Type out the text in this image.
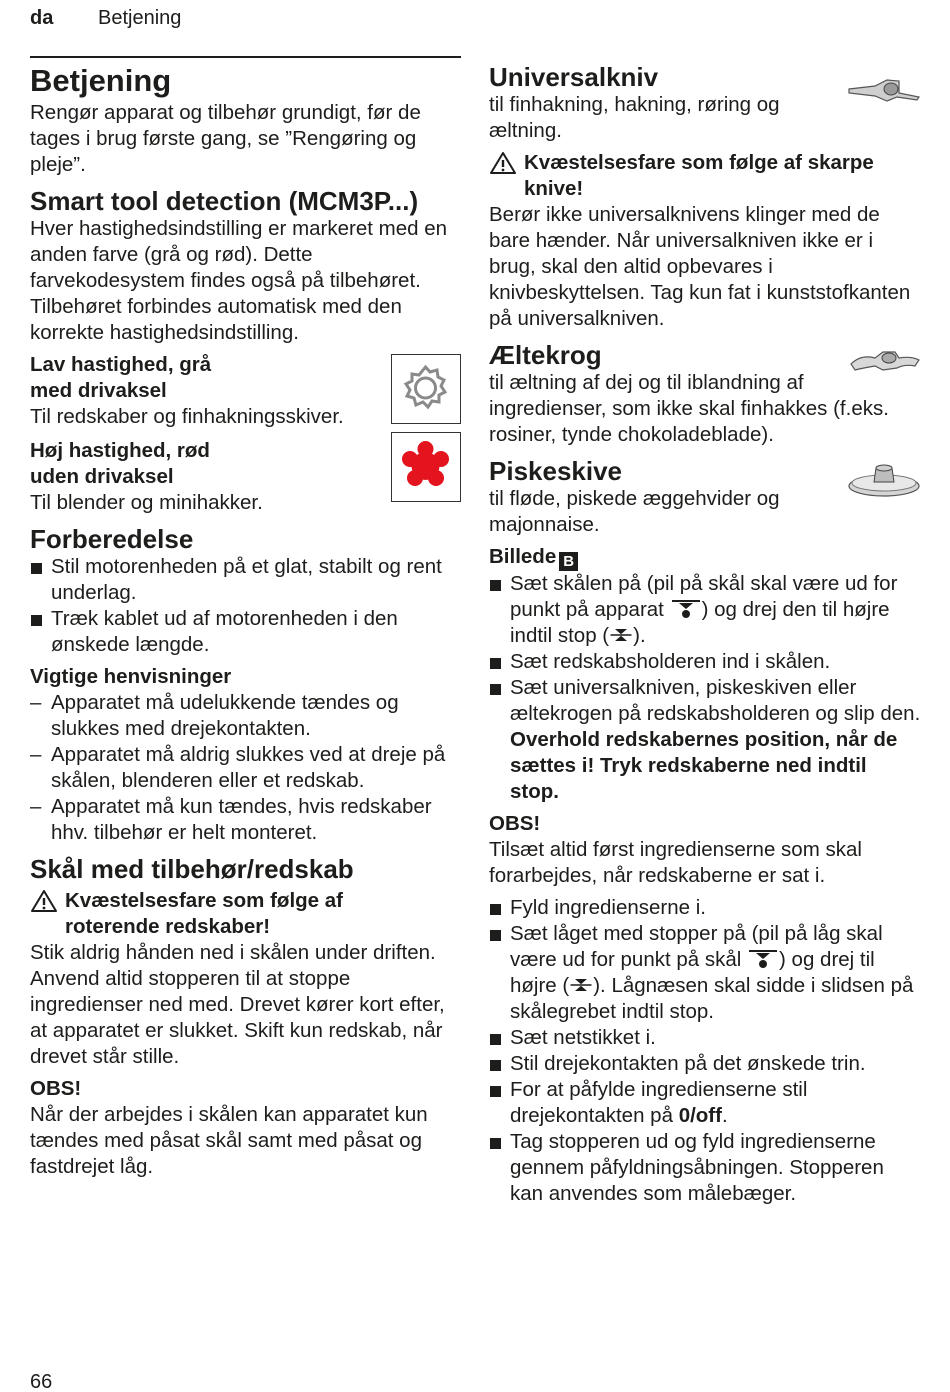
da Betjening
Betjening

Rengør apparat og tilbehør grundigt, før de tages i brug første gang, se ”Rengøring og pleje”.

Smart tool detection (MCM3P...)

Hver hastighedsindstilling er markeret med en anden farve (grå og rød). Dette farvekodesystem findes også på tilbehøret. Tilbehøret forbindes automatisk med den korrekte hastighedsindstilling.

Lav hastighed, grå

med drivaksel

Til redskaber og finhakningsskiver.

Høj hastighed, rød

uden drivaksel

Til blender og minihakker.

Forberedelse
Stil motorenheden på et glat, stabilt og rent underlag.
Træk kablet ud af motorenheden i den ønskede længde.

Vigtige henvisninger

– Apparatet må udelukkende tændes og slukkes med drejekontakten.
– Apparatet må aldrig slukkes ved at dreje på skålen, blenderen eller et redskab.
– Apparatet må kun tændes, hvis redskaber hhv. tilbehør er helt monteret.
Skål med tilbehør/redskab

Kvæstelsesfare som følge af

roterende redskaber!

Stik aldrig hånden ned i skålen under driften. Anvend altid stopperen til at stoppe ingredienser ned med. Drevet kører kort efter, at apparatet er slukket. Skift kun redskab, når drevet står stille.

OBS!

Når der arbejdes i skålen kan apparatet kun tændes med påsat skål samt med påsat og fastdrejet låg.

Universalkniv

til finhakning, hakning, røring og æltning.

Kvæstelsesfare som følge af skarpe knive!

Berør ikke universalknivens klinger med de bare hænder. Når universalkniven ikke er i brug, skal den altid opbevares i knivbeskyttelsen. Tag kun fat i kunststofkanten på universalkniven.

Æltekrog

til æltning af dej og til iblandning af ingredienser, som ikke skal finhakkes (f.eks. rosiner, tynde chokoladeblade).

Piskeskive

til fløde, piskede æggehvider og majonnaise.

Billede B

Sæt skålen på (pil på skål skal være ud for punkt på apparat ) og drej den til højre indtil stop ( ).
Sæt redskabsholderen ind i skålen.
Sæt universalkniven, piskeskiven eller æltekrogen på redskabsholderen og slip den.
Overhold redskabernes position, når de sættes i! Tryk redskaberne ned indtil stop.

OBS!

Tilsæt altid først ingredienserne som skal forarbejdes, når redskaberne er sat i.

Fyld ingredienserne i.
Sæt låget med stopper på (pil på låg skal være ud for punkt på skål ) og drej til højre ( ). Lågnæsen skal sidde i slidsen på skålegrebet indtil stop.
Sæt netstikket i.
Stil drejekontakten på det ønskede trin.
For at påfylde ingredienserne stil drejekontakten på 0/off.
Tag stopperen ud og fyld ingredienserne gennem påfyldningsåbningen. Stopperen kan anvendes som målebæger.
66
